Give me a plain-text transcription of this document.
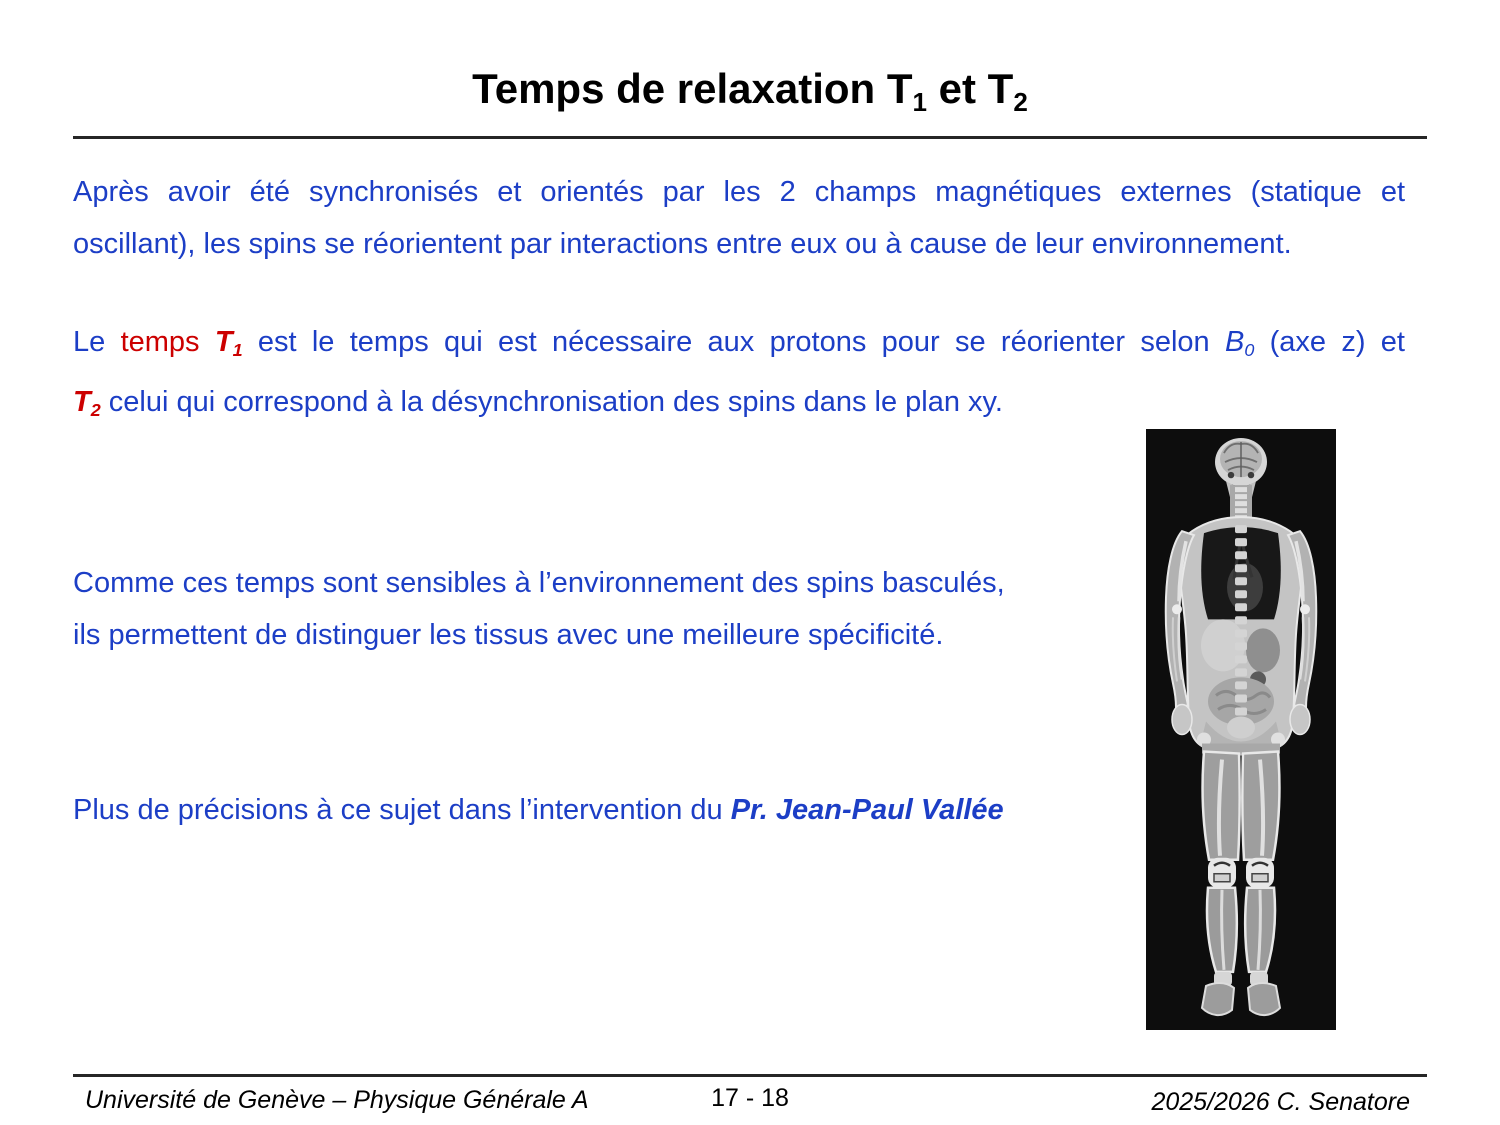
Temps de relaxation $T_1$ et $T_2$
Après avoir été synchronisés et orientés par les 2 champs magnétiques externes (statique et
oscillant), les spins se réorientent par interactions entre eux ou à cause de leur environnement.
Le temps T1 est le temps qui est nécessaire aux protons pour se réorienter selon B0 (axe z) et
T2 celui qui correspond à la désynchronisation des spins dans le plan xy.
Comme ces temps sont sensibles à l’environnement des spins basculés,
ils permettent de distinguer les tissus avec une meilleure spécificité.
Plus de précisions à ce sujet dans l’intervention du Pr. Jean-Paul Vallée
17 - 18
Université de Genève – Physique Générale A	2025/2026 C. Senatore
